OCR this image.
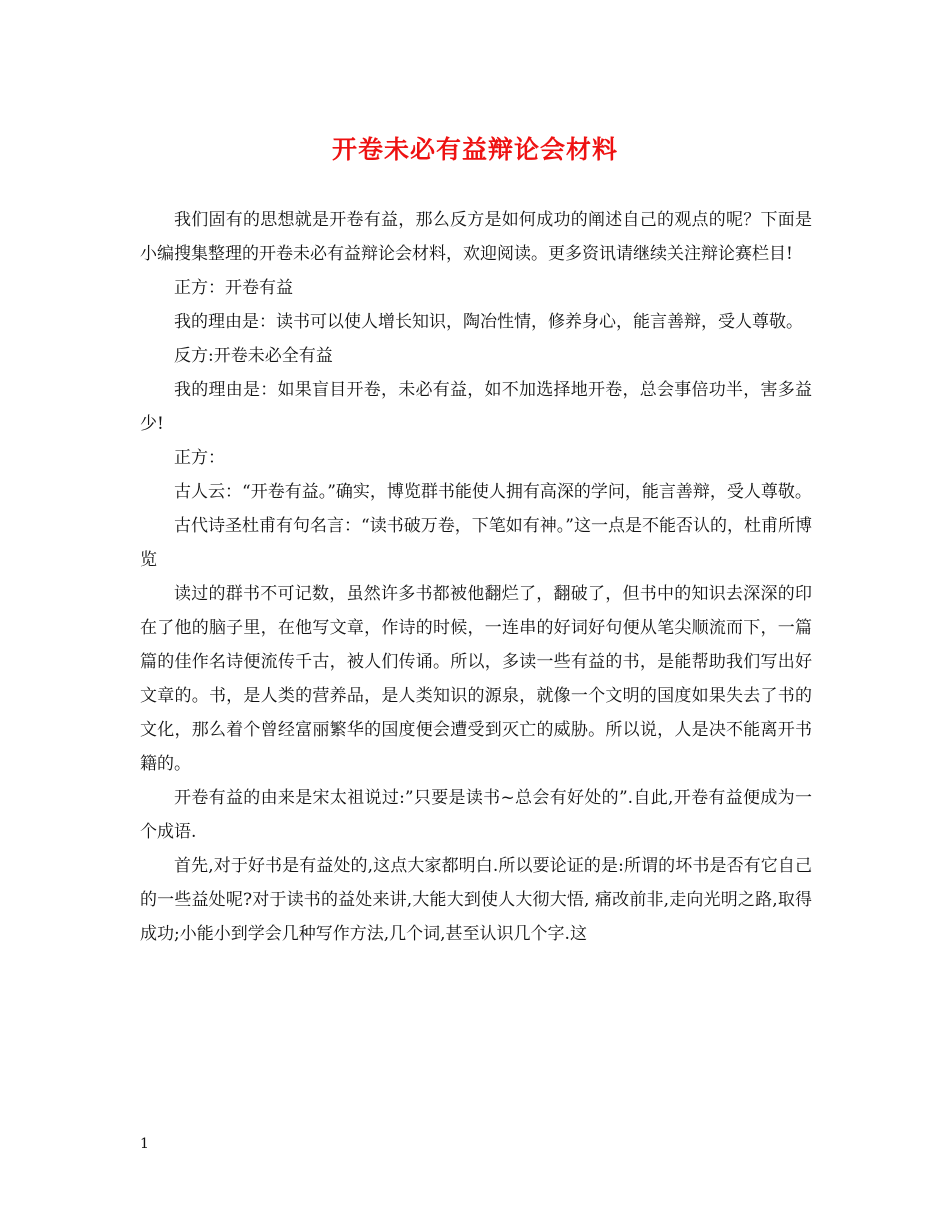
开卷未必有益辩论会材料

我们固有的思想就是开卷有益，那么反方是如何成功的阐述自己的观点的呢？下面是小编搜集整理的开卷未必有益辩论会材料，欢迎阅读。更多资讯请继续关注辩论赛栏目!

正方：开卷有益

我的理由是：读书可以使人增长知识，陶冶性情，修养身心，能言善辩，受人尊敬。

反方:开卷未必全有益

我的理由是：如果盲目开卷，未必有益，如不加选择地开卷，总会事倍功半，害多益少!

正方：

古人云：“开卷有益。”确实，博览群书能使人拥有高深的学问，能言善辩，受人尊敬。

古代诗圣杜甫有句名言：“读书破万卷，下笔如有神。”这一点是不能否认的，杜甫所博览

读过的群书不可记数，虽然许多书都被他翻烂了，翻破了，但书中的知识去深深的印在了他的脑子里，在他写文章，作诗的时候，一连串的好词好句便从笔尖顺流而下，一篇篇的佳作名诗便流传千古，被人们传诵。所以，多读一些有益的书，是能帮助我们写出好文章的。书，是人类的营养品，是人类知识的源泉，就像一个文明的国度如果失去了书的文化，那么着个曾经富丽繁华的国度便会遭受到灭亡的威胁。所以说，人是决不能离开书籍的。

开卷有益的由来是宋太祖说过:”只要是读书~总会有好处的”.自此,开卷有益便成为一个成语.

首先,对于好书是有益处的,这点大家都明白.所以要论证的是:所谓的坏书是否有它自己的一些益处呢?对于读书的益处来讲,大能大到使人大彻大悟, 痛改前非,走向光明之路,取得成功;小能小到学会几种写作方法,几个词,甚至认识几个字.这

1
